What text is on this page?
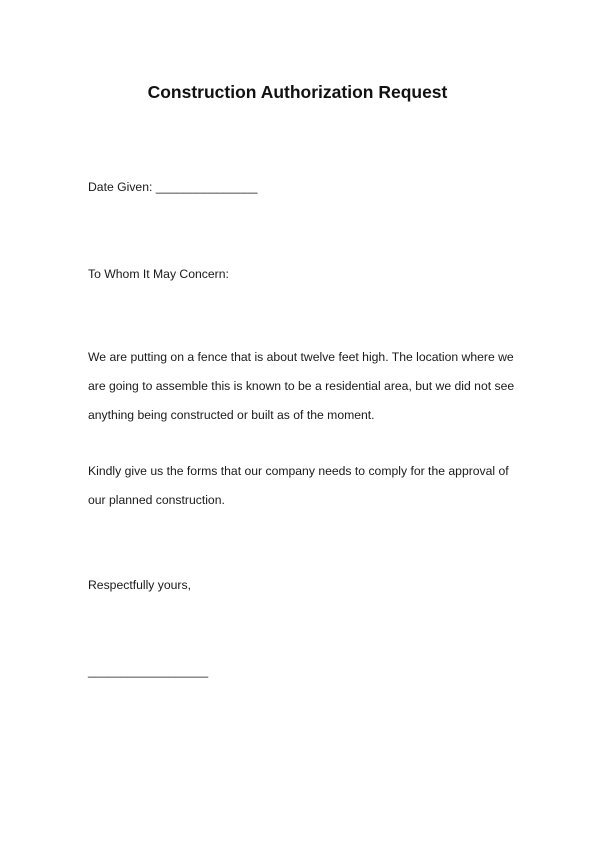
Construction Authorization Request
Date Given: _______________
To Whom It May Concern:
We are putting on a fence that is about twelve feet high. The location where we
are going to assemble this is known to be a residential area, but we did not see
anything being constructed or built as of the moment.
Kindly give us the forms that our company needs to comply for the approval of
our planned construction.
Respectfully yours,
__________________
